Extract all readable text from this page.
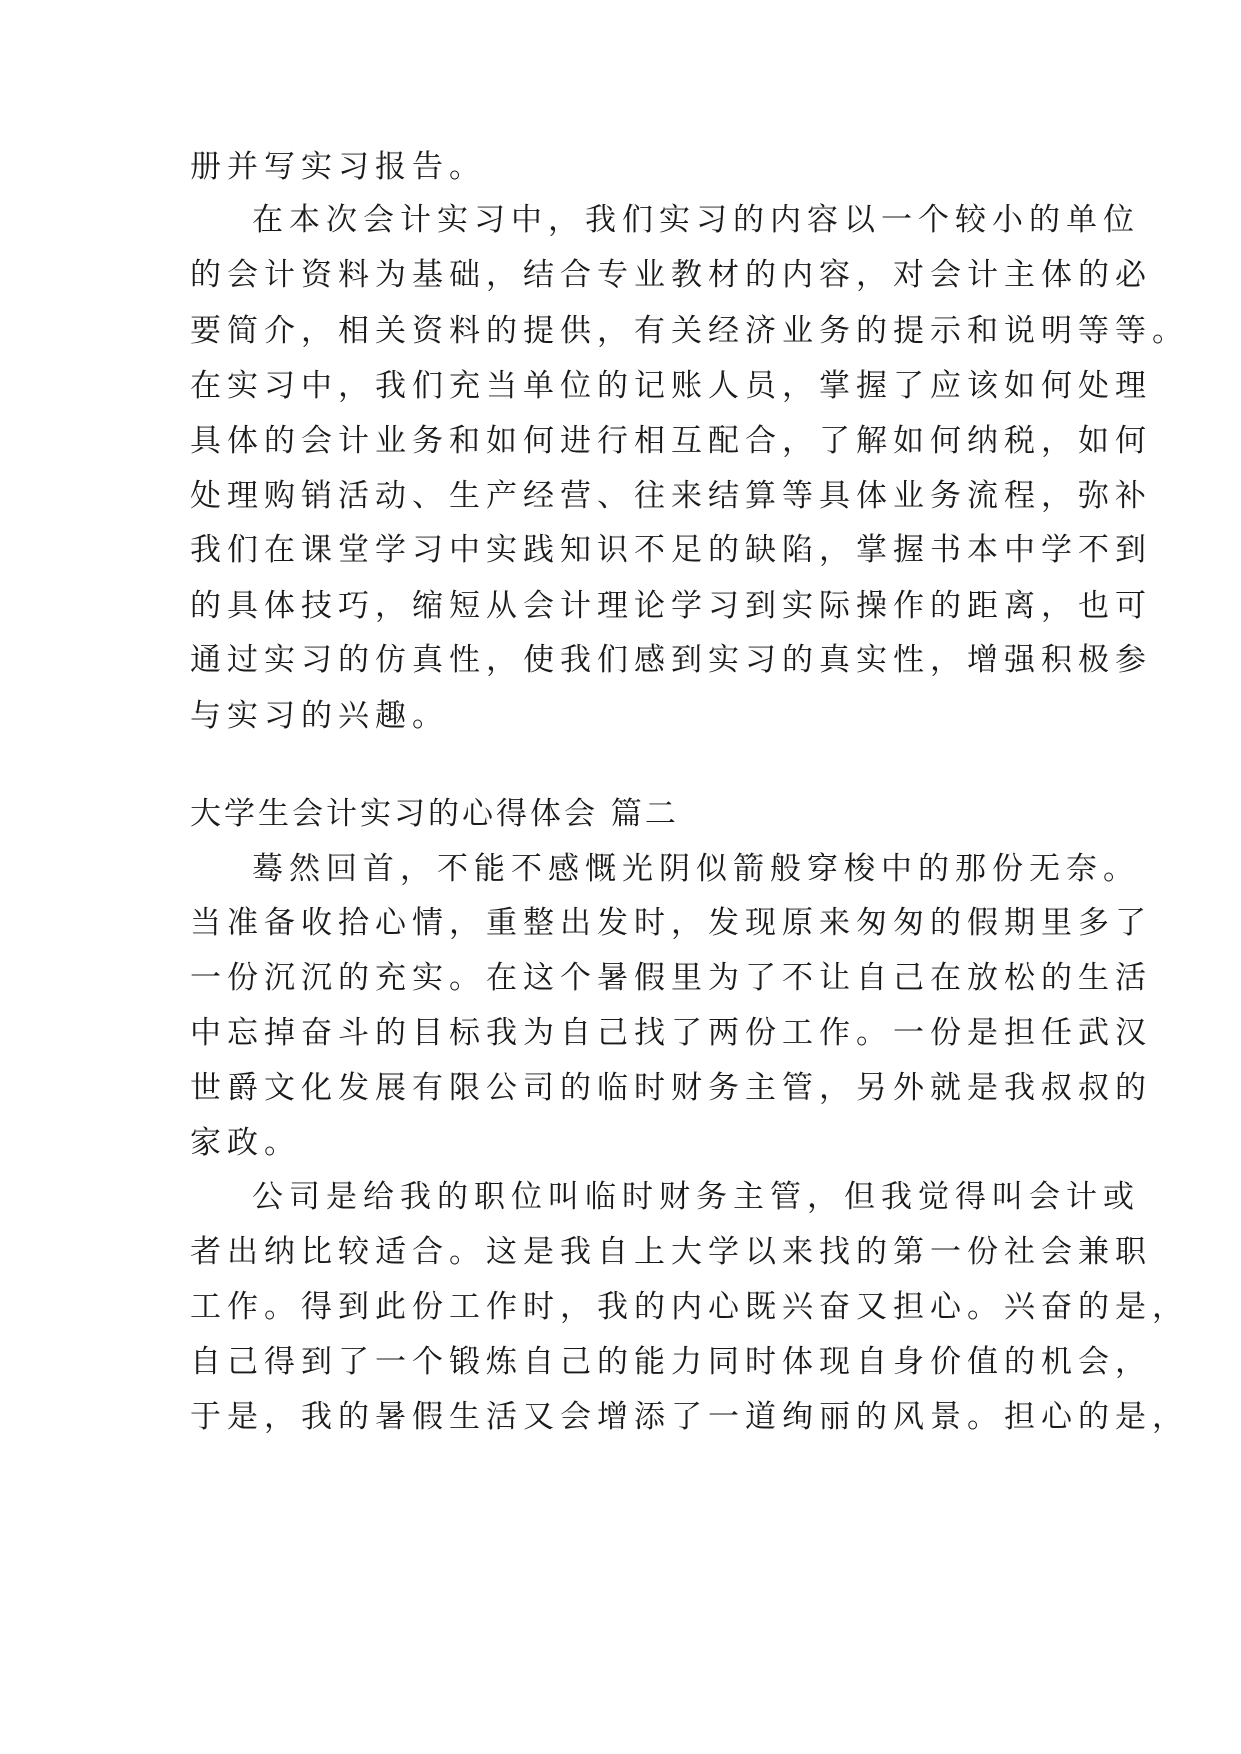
册并写实习报告。
在本次会计实习中，我们实习的内容以一个较小的单位
的会计资料为基础，结合专业教材的内容，对会计主体的必
要简介，相关资料的提供，有关经济业务的提示和说明等等。
在实习中，我们充当单位的记账人员，掌握了应该如何处理
具体的会计业务和如何进行相互配合，了解如何纳税，如何
处理购销活动、生产经营、往来结算等具体业务流程，弥补
我们在课堂学习中实践知识不足的缺陷，掌握书本中学不到
的具体技巧，缩短从会计理论学习到实际操作的距离，也可
通过实习的仿真性，使我们感到实习的真实性，增强积极参
与实习的兴趣。
大学生会计实习的心得体会 篇二
蓦然回首，不能不感慨光阴似箭般穿梭中的那份无奈。
当准备收拾心情，重整出发时，发现原来匆匆的假期里多了
一份沉沉的充实。在这个暑假里为了不让自己在放松的生活
中忘掉奋斗的目标我为自己找了两份工作。一份是担任武汉
世爵文化发展有限公司的临时财务主管，另外就是我叔叔的
家政。
公司是给我的职位叫临时财务主管，但我觉得叫会计或
者出纳比较适合。这是我自上大学以来找的第一份社会兼职
工作。得到此份工作时，我的内心既兴奋又担心。兴奋的是，
自己得到了一个锻炼自己的能力同时体现自身价值的机会，
于是，我的暑假生活又会增添了一道绚丽的风景。担心的是，
